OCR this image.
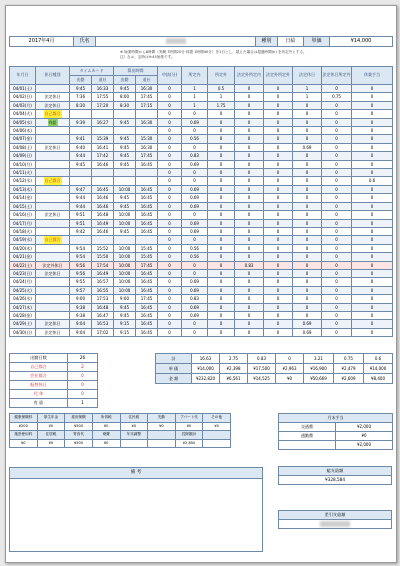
2017年4月	氏名		種別	日給	単価	¥14,000
※ 始業時間から8時間（実働 7時間20分 休憩 1時間40分）を1日とし、超えた場合は超過時間(h) を所定外とする。
注）なお、定時は9:45始業です。
年月日	休日種別	タイムカード		算出時間		中抜(分)	所定内	所定外	法定外所定内	法定外所定外	法定休日	法定休日所定外	休業手当
		出勤	退社	出勤	退社								
04/01(土)		9:45	16:33	9:45	16:30	0	1	0.5	0	0	1	0	0
04/02(日)	法定休日	7:36	17:55	8:00	17:45	0	1	1	0	0	1	0.75	0
04/03(月)	法定休日	8:30	17:20	8:30	17:15	0	1	1.75	0	0	0	0	0
04/04(火)	自己都合					0	0	0	0	0	0	0	0
04/05(水)	有給	9:39	16:27	9:45	16:30	0	0.69	0	0	0	0	0	0
04/06(木)						0	0	0	0	0	0	0	0
04/07(金)		9:41	15:39	9:45	15:30	0	0.56	0	0	0	0	0	0
04/08(土)	法定休日	9:40	16:41	9:45	16:30	0	0	0	0	0	0.69	0	0
04/09(日)		9:44	17:42	9:45	17:45	0	0.83	0	0	0	0	0	0
04/10(月)		9:45	16:46	9:45	16:45	0	0.69	0	0	0	0	0	0
04/11(火)						0	0	0	0	0	0	0	0
04/12(水)	自己都合					0	0	0	0	0	0	0	0.6
04/13(木)		9:47	16:45	10:00	16:45	0	0.69	0	0	0	0	0	0
04/14(金)		9:44	16:46	9:45	16:45	0	0.69	0	0	0	0	0	0
04/15(土)		9:44	16:46	9:45	16:45	0	0.69	0	0	0	0	0	0
04/16(日)	法定休日	9:51	16:48	10:00	16:45	0	0	0	0	0	0	0	0
04/17(月)		9:51	16:49	10:00	16:45	0	0.69	0	0	0	0	0	0
04/18(火)		9:42	16:46	9:45	16:45	0	0.69	0	0	0	0	0	0
04/19(水)	自己都合					0	0	0	0	0	0	0	0
04/20(木)		9:54	15:52	10:00	15:45	0	0.56	0	0	0	0	0	0
04/21(金)		9:54	15:50	10:00	15:45	0	0.56	0	0	0	0	0	0
04/22(土)	法定外休日	9:56	17:54	10:00	17:45	0	0	0	0.83	0	0	0	0
04/23(日)	法定休日	9:56	16:49	10:00	16:45	0	0	0	0	0	0	0	0
04/24(月)		9:55	16:57	10:00	16:45	0	0.69	0	0	0	0	0	0
04/25(火)		9:57	16:55	10:00	16:45	0	0.69	0	0	0	0	0	0
04/26(水)		9:00	17:53	9:00	17:45	0	0.83	0	0	0	0	0	0
04/27(木)		9:38	16:48	9:45	16:45	0	0.69	0	0	0	0	0	0
04/28(金)		9:38	16:47	9:45	16:45	0	0.69	0	0	0	0	0	0
04/29(土)	法定休日	9:04	16:53	9:15	16:45	0	0	0	0	0	0.69	0	0
04/30(日)	法定休日	9:04	17:02	9:15	16:45	0	0	0	0	0	0.69	0	0
出勤日数	26
自己都合	2
会社都合	0
振替休日	0
代 休	0
有 給	1
計	16.63	2.75	0.83	0	3.21	0.75	0.6
単 価	¥14,000	¥2,398	¥17,500	¥2,963	¥16,900	¥2,479	¥14,000
金 額	¥232,820	¥6,561	¥14,525	¥0	¥50,669	¥2,609	¥8,400
健康保険料	厚生年金	雇用保険	所得税	住民税	先勤	アパート代	その他
¥200	¥0	¥500	¥0	¥0	¥0	¥0	¥0
施設使用料	住居税	寄食代	寮費	年末調整		控除額計	
¥0	¥0	¥500	¥0			¥2,850	
備 考
月末手当	
交通費	¥2,000
通勤費	¥0
	¥2,000
総支給額
¥328,584
差引支給額
